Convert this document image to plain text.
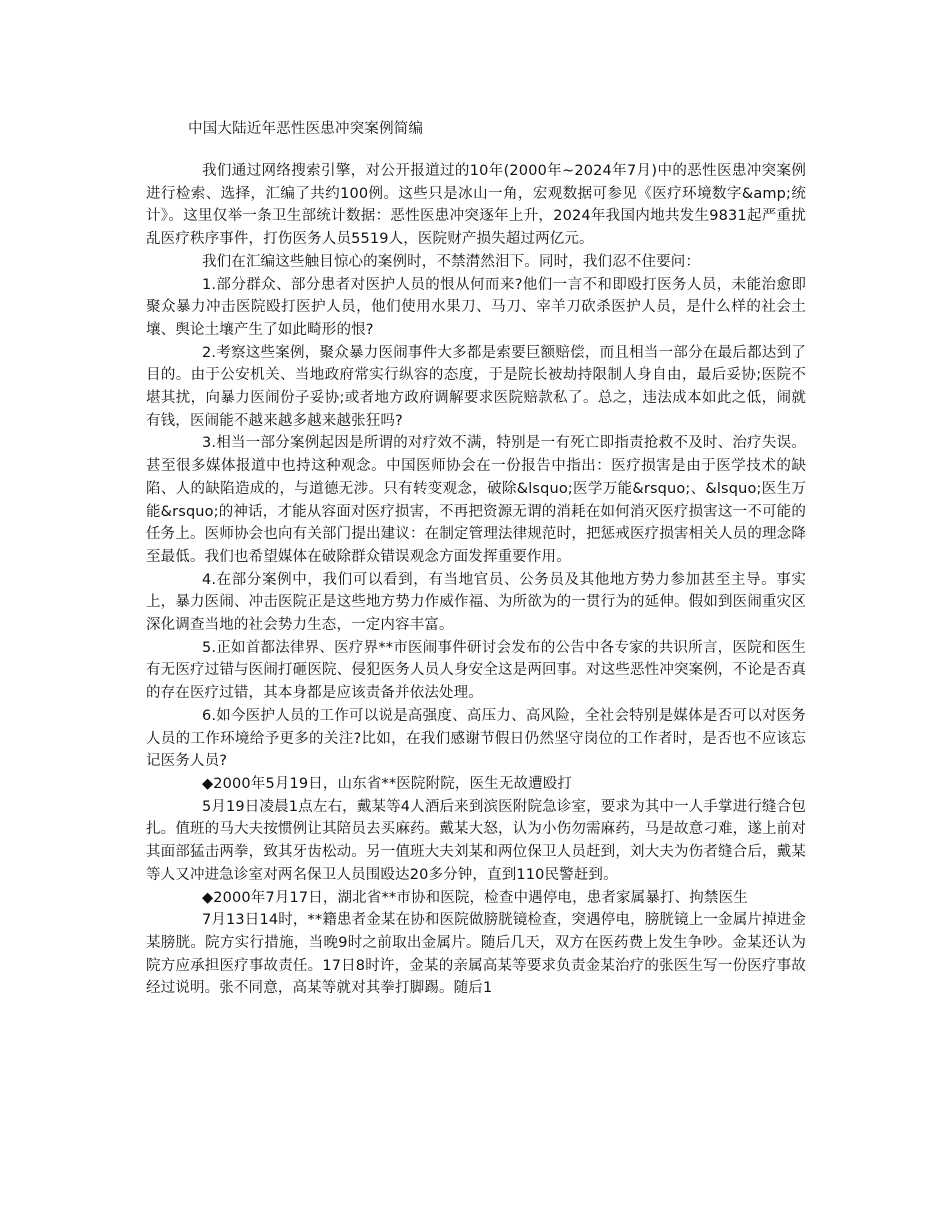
中国大陆近年恶性医患冲突案例简编

我们通过网络搜索引擎，对公开报道过的10年(2000年~2024年7月)中的恶性医患冲突案例进行检索、选择，汇编了共约100例。这些只是冰山一角，宏观数据可参见《医疗环境数字&amp;统计》。这里仅举一条卫生部统计数据：恶性医患冲突逐年上升，2024年我国内地共发生9831起严重扰乱医疗秩序事件，打伤医务人员5519人，医院财产损失超过两亿元。

我们在汇编这些触目惊心的案例时，不禁潸然泪下。同时，我们忍不住要问：

1.部分群众、部分患者对医护人员的恨从何而来?他们一言不和即殴打医务人员，未能治愈即聚众暴力冲击医院殴打医护人员，他们使用水果刀、马刀、宰羊刀砍杀医护人员，是什么样的社会土壤、舆论土壤产生了如此畸形的恨?

2.考察这些案例，聚众暴力医闹事件大多都是索要巨额赔偿，而且相当一部分在最后都达到了目的。由于公安机关、当地政府常实行纵容的态度，于是院长被劫持限制人身自由，最后妥协;医院不堪其扰，向暴力医闹份子妥协;或者地方政府调解要求医院赔款私了。总之，违法成本如此之低，闹就有钱，医闹能不越来越多越来越张狂吗?

3.相当一部分案例起因是所谓的对疗效不满，特别是一有死亡即指责抢救不及时、治疗失误。甚至很多媒体报道中也持这种观念。中国医师协会在一份报告中指出：医疗损害是由于医学技术的缺陷、人的缺陷造成的，与道德无涉。只有转变观念，破除&lsquo;医学万能&rsquo;、&lsquo;医生万能&rsquo;的神话，才能从容面对医疗损害，不再把资源无谓的消耗在如何消灭医疗损害这一不可能的任务上。医师协会也向有关部门提出建议：在制定管理法律规范时，把惩戒医疗损害相关人员的理念降至最低。我们也希望媒体在破除群众错误观念方面发挥重要作用。

4.在部分案例中，我们可以看到，有当地官员、公务员及其他地方势力参加甚至主导。事实上，暴力医闹、冲击医院正是这些地方势力作威作福、为所欲为的一贯行为的延伸。假如到医闹重灾区深化调查当地的社会势力生态，一定内容丰富。

5.正如首都法律界、医疗界**市医闹事件研讨会发布的公告中各专家的共识所言，医院和医生有无医疗过错与医闹打砸医院、侵犯医务人员人身安全这是两回事。对这些恶性冲突案例，不论是否真的存在医疗过错，其本身都是应该责备并依法处理。

6.如今医护人员的工作可以说是高强度、高压力、高风险，全社会特别是媒体是否可以对医务人员的工作环境给予更多的关注?比如，在我们感谢节假日仍然坚守岗位的工作者时，是否也不应该忘记医务人员?

◆2000年5月19日，山东省**医院附院，医生无故遭殴打

5月19日凌晨1点左右，戴某等4人酒后来到滨医附院急诊室，要求为其中一人手掌进行缝合包扎。值班的马大夫按惯例让其陪员去买麻药。戴某大怒，认为小伤勿需麻药，马是故意刁难，遂上前对其面部猛击两拳，致其牙齿松动。另一值班大夫刘某和两位保卫人员赶到，刘大夫为伤者缝合后，戴某等人又冲进急诊室对两名保卫人员围殴达20多分钟，直到110民警赶到。

◆2000年7月17日，湖北省**市协和医院，检查中遇停电，患者家属暴打、拘禁医生

7月13日14时，**籍患者金某在协和医院做膀胱镜检查，突遇停电，膀胱镜上一金属片掉进金某膀胱。院方实行措施，当晚9时之前取出金属片。随后几天，双方在医药费上发生争吵。金某还认为院方应承担医疗事故责任。17日8时许，金某的亲属高某等要求负责金某治疗的张医生写一份医疗事故经过说明。张不同意，高某等就对其拳打脚踢。随后1
